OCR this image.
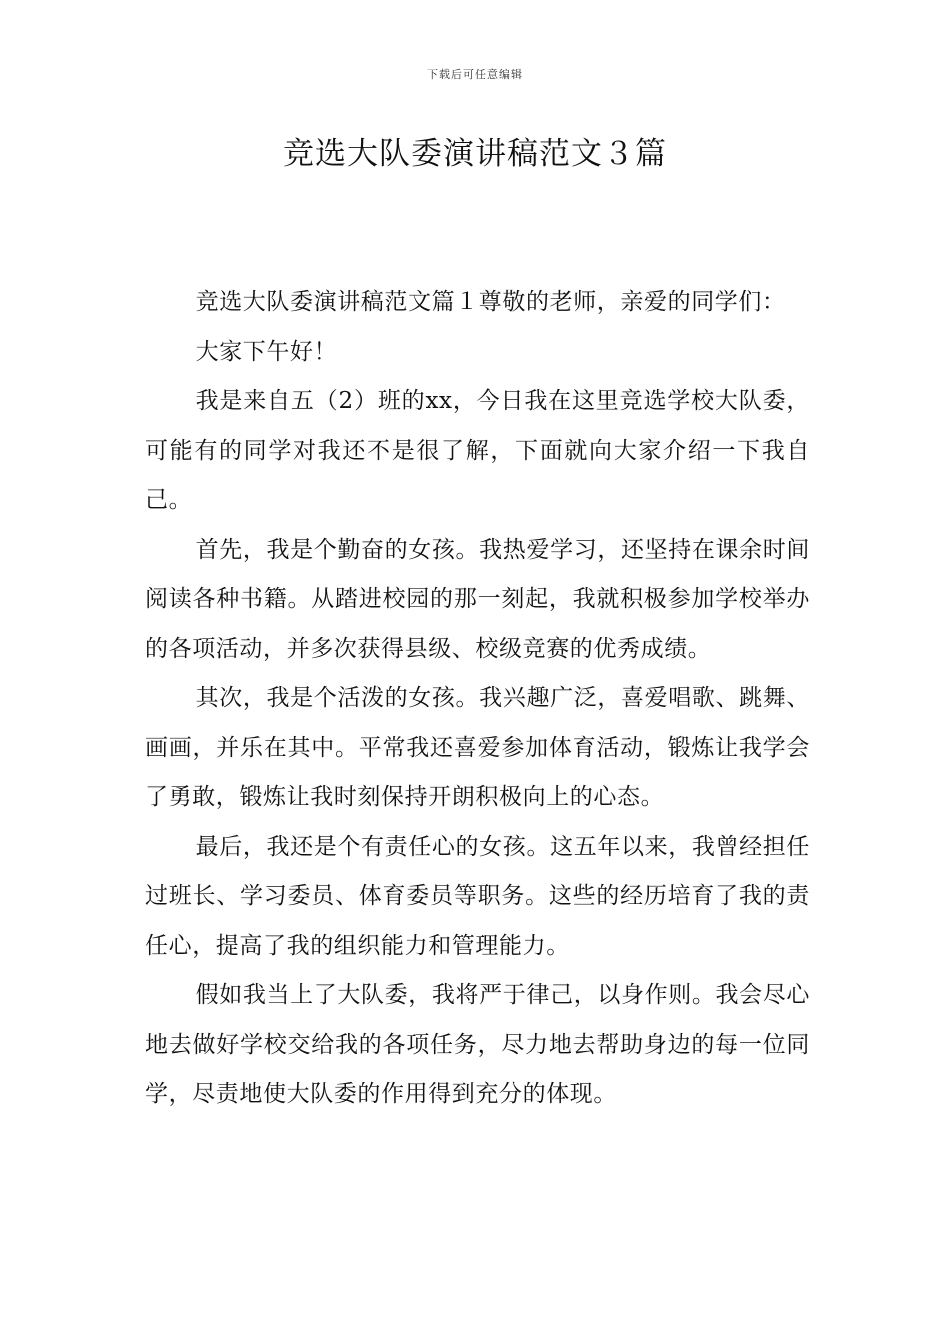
下载后可任意编辑
竞选大队委演讲稿范文３篇

竞选大队委演讲稿范文篇１尊敬的老师，亲爱的同学们：

大家下午好！

我是来自五（2）班的xx，今日我在这里竞选学校大队委，可能有的同学对我还不是很了解，下面就向大家介绍一下我自己。

首先，我是个勤奋的女孩。我热爱学习，还坚持在课余时间阅读各种书籍。从踏进校园的那一刻起，我就积极参加学校举办的各项活动，并多次获得县级、校级竞赛的优秀成绩。

其次，我是个活泼的女孩。我兴趣广泛，喜爱唱歌、跳舞、画画，并乐在其中。平常我还喜爱参加体育活动，锻炼让我学会了勇敢，锻炼让我时刻保持开朗积极向上的心态。

最后，我还是个有责任心的女孩。这五年以来，我曾经担任过班长、学习委员、体育委员等职务。这些的经历培育了我的责任心，提高了我的组织能力和管理能力。

假如我当上了大队委，我将严于律己，以身作则。我会尽心地去做好学校交给我的各项任务，尽力地去帮助身边的每一位同学，尽责地使大队委的作用得到充分的体现。
